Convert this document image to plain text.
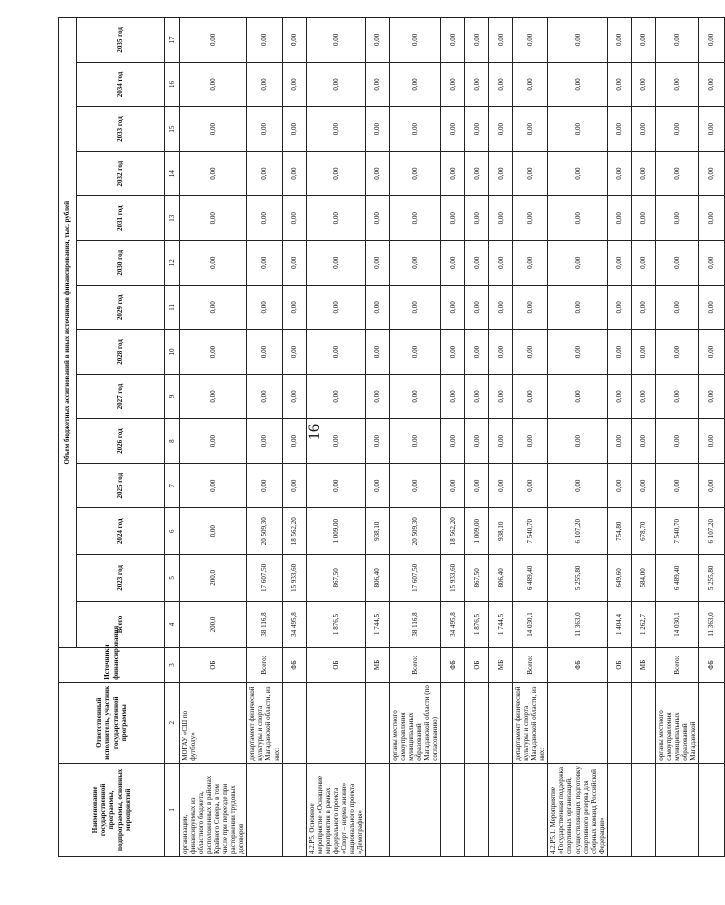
16
Наименование государственной программы, подпрограммы, основных мероприятий	Ответственный исполнитель, участник государственной программы	Источники финансирования	Объем бюджетных ассигнований в иных источников финансирования, тыс. рублей													
			Всего	2023 год	2024 год	2025 год	2026 год	2027 год	2028 год	2029 год	2030 год	2031 год	2032 год	2033 год	2034 год	2035 год
1	2	3	4	5	6	7	8	9	10	11	12	13	14	15	16	17
организации, финансируемых из областного бюджета, расположенных в районах Крайнего Севера, в том числе при переезде при расторжении трудовых договоров	МОГАУ «СШ по футболу»	ОБ	200,0	200,0	0,00	0,00	0,00	0,00	0,00	0,00	0,00	0,00	0,00	0,00	0,00	0,00
	департамент физической культуры и спорта Магаданской области, из них:	Всего:	38 116,8	17 607,50	20 509,30	0,00	0,00	0,00	0,00	0,00	0,00	0,00	0,00	0,00	0,00	0,00
		ФБ	34 495,8	15 933,60	18 562,20	0,00	0,00	0,00	0,00	0,00	0,00	0,00	0,00	0,00	0,00	0,00
4.2.Р5. Основное мероприятие «Оснащение мероприятия в рамках федерального проекта «Спорт – норма жизни» национального проекта «Демография»		ОБ	1 876,5	867,50	1 009,00	0,00	0,00	0,00	0,00	0,00	0,00	0,00	0,00	0,00	0,00	0,00
		МБ	1 744,5	806,40	938,10	0,00	0,00	0,00	0,00	0,00	0,00	0,00	0,00	0,00	0,00	0,00
	органы местного самоуправления муниципальных образований Магаданской области (по согласованию)	Всего:	38 116,8	17 607,50	20 509,30	0,00	0,00	0,00	0,00	0,00	0,00	0,00	0,00	0,00	0,00	0,00
		ФБ	34 495,8	15 933,60	18 562,20	0,00	0,00	0,00	0,00	0,00	0,00	0,00	0,00	0,00	0,00	0,00
		ОБ	1 876,5	867,50	1 009,00	0,00	0,00	0,00	0,00	0,00	0,00	0,00	0,00	0,00	0,00	0,00
		МБ	1 744,5	806,40	938,10	0,00	0,00	0,00	0,00	0,00	0,00	0,00	0,00	0,00	0,00	0,00
	департамент физической культуры и спорта Магаданской области, из них:	Всего:	14 030,1	6 489,40	7 540,70	0,00	0,00	0,00	0,00	0,00	0,00	0,00	0,00	0,00	0,00	0,00
4.2.Р5.1. Мероприятие «Государственная поддержка спортивных организаций, осуществляющих подготовку спортивного резерва для сборных команд Российской Федерации»		ФБ	11 363,0	5 255,80	6 107,20	0,00	0,00	0,00	0,00	0,00	0,00	0,00	0,00	0,00	0,00	0,00
		ОБ	1 404,4	649,60	754,80	0,00	0,00	0,00	0,00	0,00	0,00	0,00	0,00	0,00	0,00	0,00
		МБ	1 262,7	584,00	678,70	0,00	0,00	0,00	0,00	0,00	0,00	0,00	0,00	0,00	0,00	0,00
	органы местного самоуправления муниципальных образований Магаданской	Всего:	14 030,1	6 489,40	7 540,70	0,00	0,00	0,00	0,00	0,00	0,00	0,00	0,00	0,00	0,00	0,00
		ФБ	11 363,0	5 255,80	6 107,20	0,00	0,00	0,00	0,00	0,00	0,00	0,00	0,00	0,00	0,00	0,00
